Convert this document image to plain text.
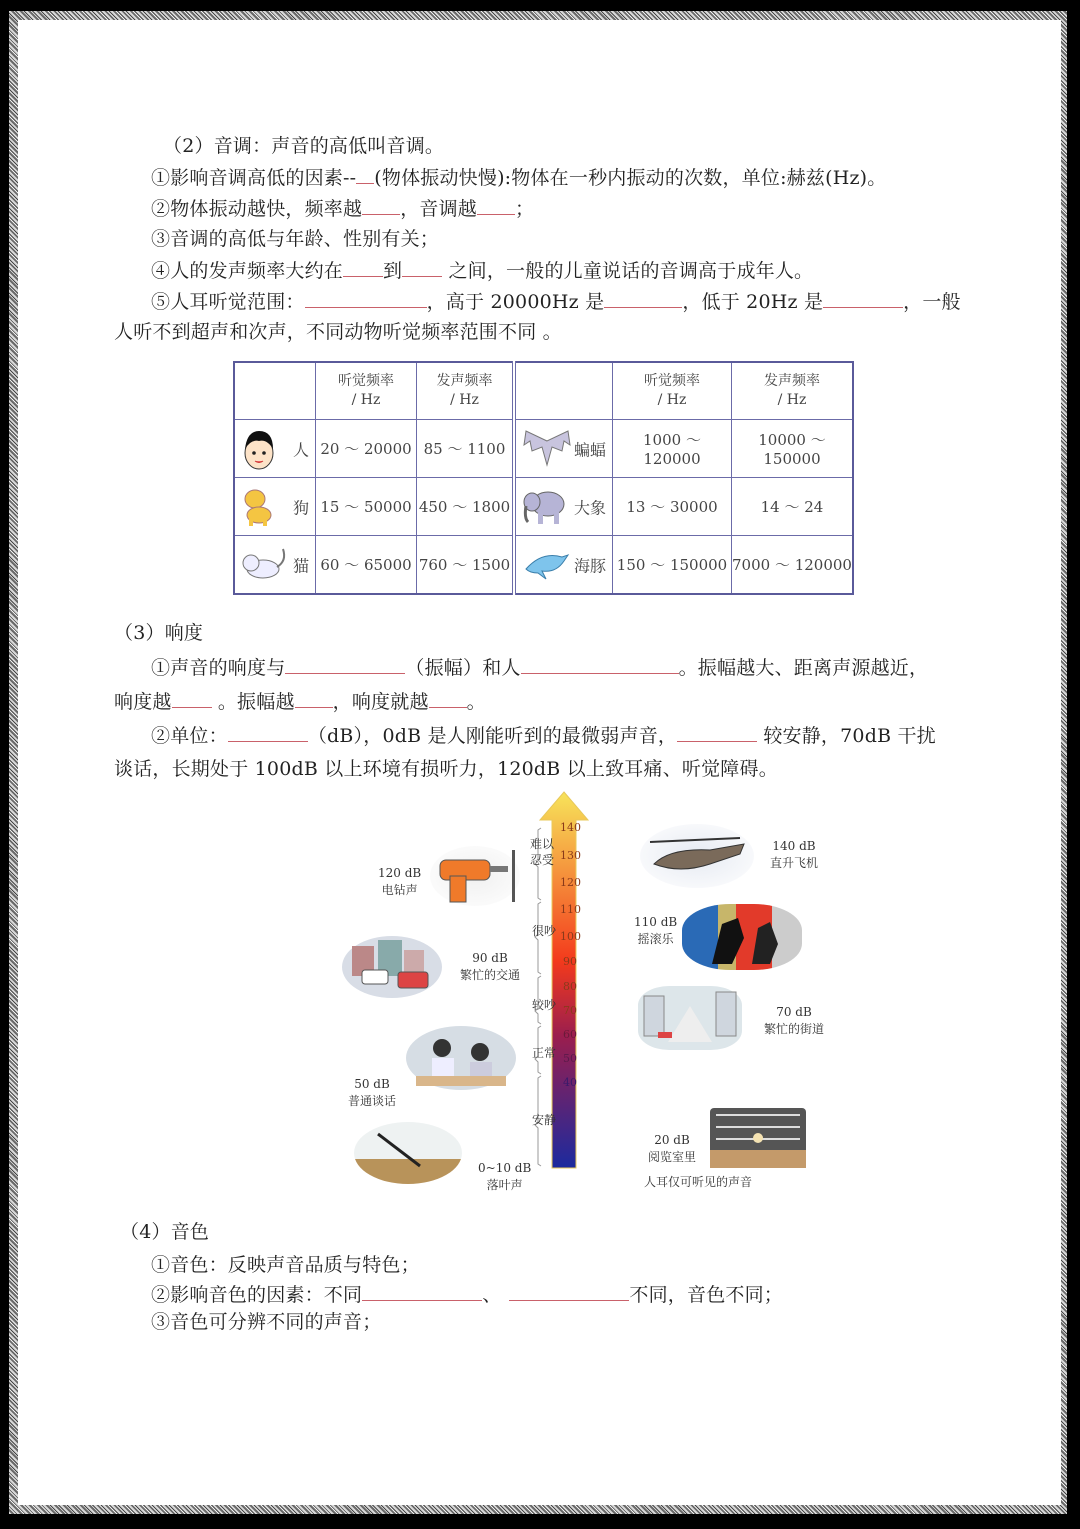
（2）音调：声音的高低叫音调。
①影响音调高低的因素-- (物体振动快慢):物体在一秒内振动的次数，单位:赫兹(Hz)。
②物体振动越快，频率越 ，音调越 ；
③音调的高低与年龄、性别有关；
④人的发声频率大约在 到 之间，一般的儿童说话的音调高于成年人。
⑤人耳听觉范围：	，高于 20000Hz 是	，低于 20Hz 是	，一般
人听不到超声和次声，不同动物听觉频率范围不同 。
	听觉频率
/ Hz	发声频率
/ Hz		听觉频率
/ Hz	发声频率
/ Hz

人	20 ～ 20000	85 ～ 1100	蝙蝠	1000 ～ 120000	10000 ～ 150000

狗	15 ～ 50000	450 ～ 1800	大象	13 ～ 30000	14 ～ 24

猫	60 ～ 65000	760 ～ 1500	海豚	150 ～ 150000	7000 ～ 120000
（3）响度
①声音的响度与	（振幅）和人	。振幅越大、距离声源越近，
响度越 。振幅越 ，响度就越 。
②单位：	（dB），0dB 是人刚能听到的最微弱声音，	较安静，70dB 干扰
谈话，长期处于 100dB 以上环境有损听力，120dB 以上致耳痛、听觉障碍。
140
130
120
110
100
90
80
70
60
50
40
难以
忍受
很吵
较吵
正常
安静
120 dB
电钻声
90 dB
繁忙的交通
50 dB
普通谈话
0~10 dB
落叶声
140 dB
直升飞机
110 dB
摇滚乐
70 dB
繁忙的街道
20 dB
阅览室里
人耳仅可听见的声音
（4）音色
①音色：反映声音品质与特色；
②影响音色的因素：不同	、	不同，音色不同；
③音色可分辨不同的声音；
